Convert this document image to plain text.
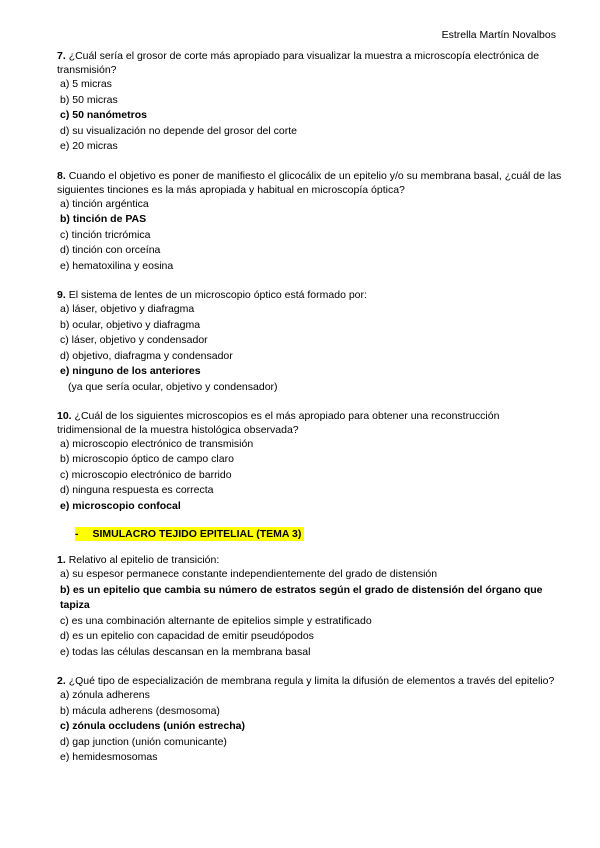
Estrella Martín Novalbos

7. ¿Cuál sería el grosor de corte más apropiado para visualizar la muestra a microscopía electrónica de transmisión?

a) 5 micras

b) 50 micras

c) 50 nanómetros

d) su visualización no depende del grosor del corte

e) 20 micras

8. Cuando el objetivo es poner de manifiesto el glicocálix de un epitelio y/o su membrana basal, ¿cuál de las siguientes tinciones es la más apropiada y habitual en microscopía óptica?

a) tinción argéntica

b) tinción de PAS

c) tinción tricrómica

d) tinción con orceína

e) hematoxilina y eosina

9. El sistema de lentes de un microscopio óptico está formado por:

a) láser, objetivo y diafragma

b) ocular, objetivo y diafragma

c) láser, objetivo y condensador

d) objetivo, diafragma y condensador

e) ninguno de los anteriores

(ya que sería ocular, objetivo y condensador)

10. ¿Cuál de los siguientes microscopios es el más apropiado para obtener una reconstrucción tridimensional de la muestra histológica observada?

a) microscopio electrónico de transmisión

b) microscopio óptico de campo claro

c) microscopio electrónico de barrido

d) ninguna respuesta es correcta

e) microscopio confocal

- SIMULACRO TEJIDO EPITELIAL (TEMA 3)

1. Relativo al epitelio de transición:

a) su espesor permanece constante independientemente del grado de distensión

b) es un epitelio que cambia su número de estratos según el grado de distensión del órgano que tapiza

c) es una combinación alternante de epitelios simple y estratificado

d) es un epitelio con capacidad de emitir pseudópodos

e) todas las células descansan en la membrana basal

2. ¿Qué tipo de especialización de membrana regula y limita la difusión de elementos a través del epitelio?

a) zónula adherens

b) mácula adherens (desmosoma)

c) zónula occludens (unión estrecha)

d) gap junction (unión comunicante)

e) hemidesmosomas
